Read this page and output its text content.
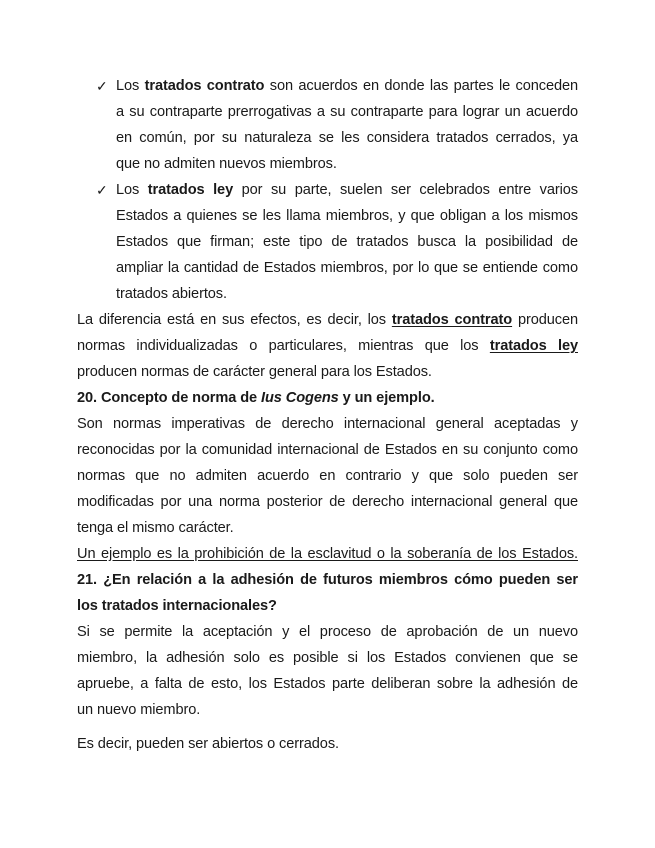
✓ Los tratados contrato son acuerdos en donde las partes le conceden
a su contraparte prerrogativas a su contraparte para lograr un acuerdo
en común, por su naturaleza se les considera tratados cerrados, ya
que no admiten nuevos miembros.
✓ Los tratados ley por su parte, suelen ser celebrados entre varios
Estados a quienes se les llama miembros, y que obligan a los mismos
Estados que firman; este tipo de tratados busca la posibilidad de
ampliar la cantidad de Estados miembros, por lo que se entiende como
tratados abiertos.
La diferencia está en sus efectos, es decir, los tratados contrato producen
normas individualizadas o particulares, mientras que los tratados ley
producen normas de carácter general para los Estados.
20. Concepto de norma de Ius Cogens y un ejemplo.
Son normas imperativas de derecho internacional general aceptadas y
reconocidas por la comunidad internacional de Estados en su conjunto como
normas que no admiten acuerdo en contrario y que solo pueden ser
modificadas por una norma posterior de derecho internacional general que
tenga el mismo carácter.
Un ejemplo es la prohibición de la esclavitud o la soberanía de los Estados.
21. ¿En relación a la adhesión de futuros miembros cómo pueden ser
los tratados internacionales?
Si se permite la aceptación y el proceso de aprobación de un nuevo
miembro, la adhesión solo es posible si los Estados convienen que se
apruebe, a falta de esto, los Estados parte deliberan sobre la adhesión de
un nuevo miembro.
Es decir, pueden ser abiertos o cerrados.
